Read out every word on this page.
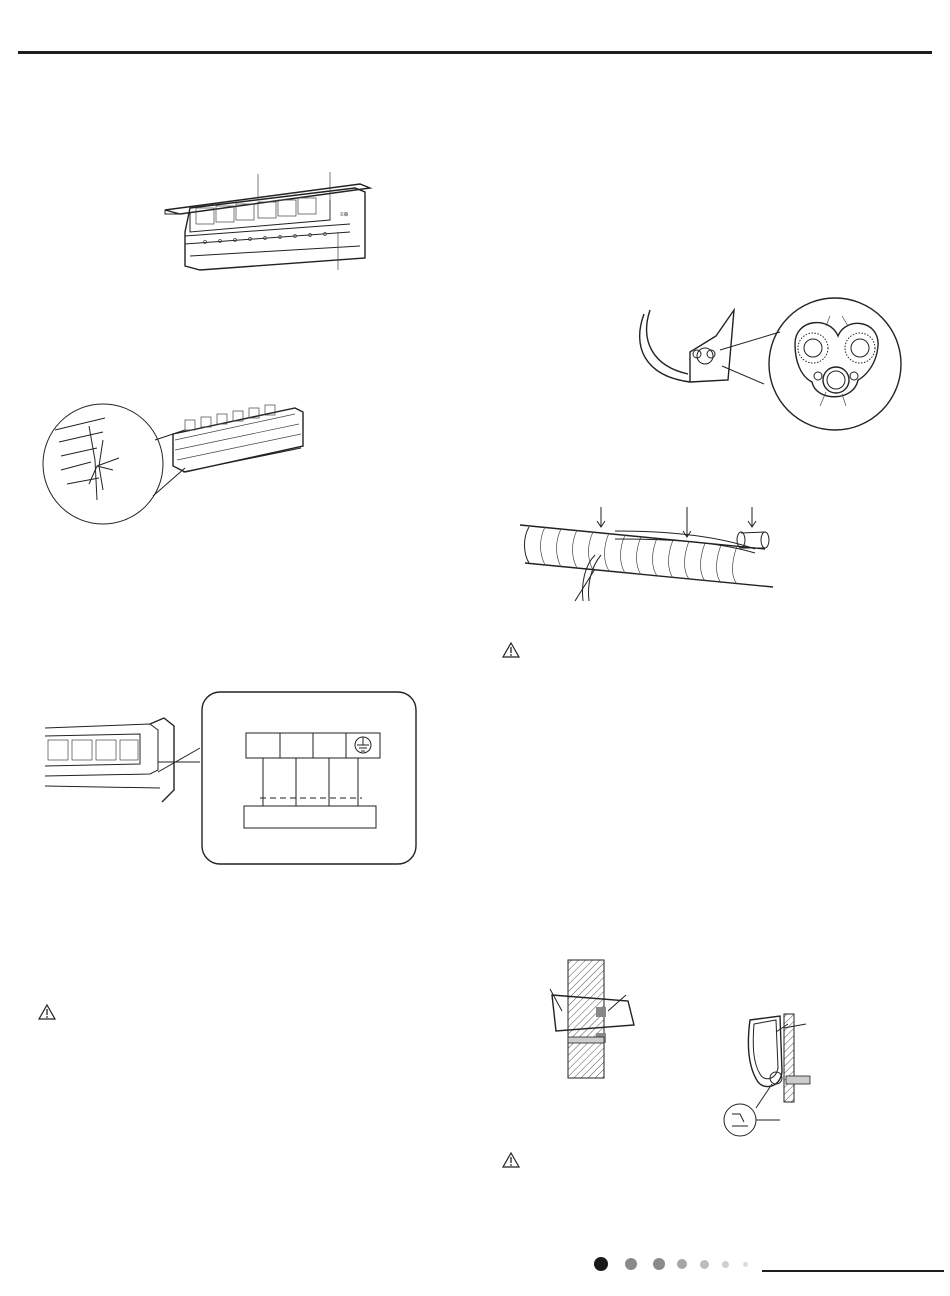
≡⊕
